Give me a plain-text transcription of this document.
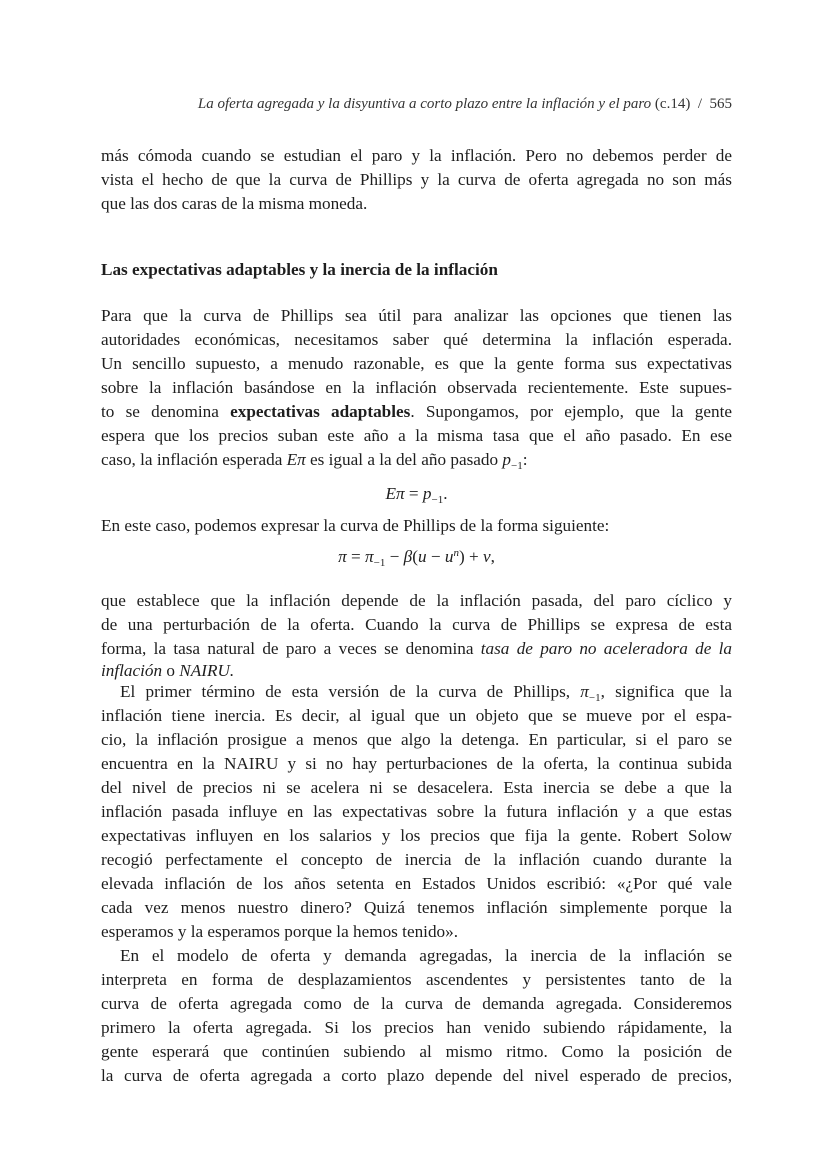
La oferta agregada y la disyuntiva a corto plazo entre la inflación y el paro (c.14) / 565
más cómoda cuando se estudian el paro y la inflación. Pero no debemos perder de
vista el hecho de que la curva de Phillips y la curva de oferta agregada no son más
que las dos caras de la misma moneda.
Las expectativas adaptables y la inercia de la inflación
Para que la curva de Phillips sea útil para analizar las opciones que tienen las
autoridades económicas, necesitamos saber qué determina la inflación esperada.
Un sencillo supuesto, a menudo razonable, es que la gente forma sus expectativas
sobre la inflación basándose en la inflación observada recientemente. Este supues-
to se denomina expectativas adaptables. Supongamos, por ejemplo, que la gente
espera que los precios suban este año a la misma tasa que el año pasado. En ese
caso, la inflación esperada Eπ es igual a la del año pasado $p_{-1}$:
$E\pi = p_{-1}$.
En este caso, podemos expresar la curva de Phillips de la forma siguiente:
$\pi = \pi_{-1} - \beta(u - u^n) + v$,
que establece que la inflación depende de la inflación pasada, del paro cíclico y
de una perturbación de la oferta. Cuando la curva de Phillips se expresa de esta
forma, la tasa natural de paro a veces se denomina tasa de paro no aceleradora de la
inflación o NAIRU.
El primer término de esta versión de la curva de Phillips, $\pi_{-1}$, significa que la
inflación tiene inercia. Es decir, al igual que un objeto que se mueve por el espa-
cio, la inflación prosigue a menos que algo la detenga. En particular, si el paro se
encuentra en la NAIRU y si no hay perturbaciones de la oferta, la continua subida
del nivel de precios ni se acelera ni se desacelera. Esta inercia se debe a que la
inflación pasada influye en las expectativas sobre la futura inflación y a que estas
expectativas influyen en los salarios y los precios que fija la gente. Robert Solow
recogió perfectamente el concepto de inercia de la inflación cuando durante la
elevada inflación de los años setenta en Estados Unidos escribió: «¿Por qué vale
cada vez menos nuestro dinero? Quizá tenemos inflación simplemente porque la
esperamos y la esperamos porque la hemos tenido».
En el modelo de oferta y demanda agregadas, la inercia de la inflación se
interpreta en forma de desplazamientos ascendentes y persistentes tanto de la
curva de oferta agregada como de la curva de demanda agregada. Consideremos
primero la oferta agregada. Si los precios han venido subiendo rápidamente, la
gente esperará que continúen subiendo al mismo ritmo. Como la posición de
la curva de oferta agregada a corto plazo depende del nivel esperado de precios,
